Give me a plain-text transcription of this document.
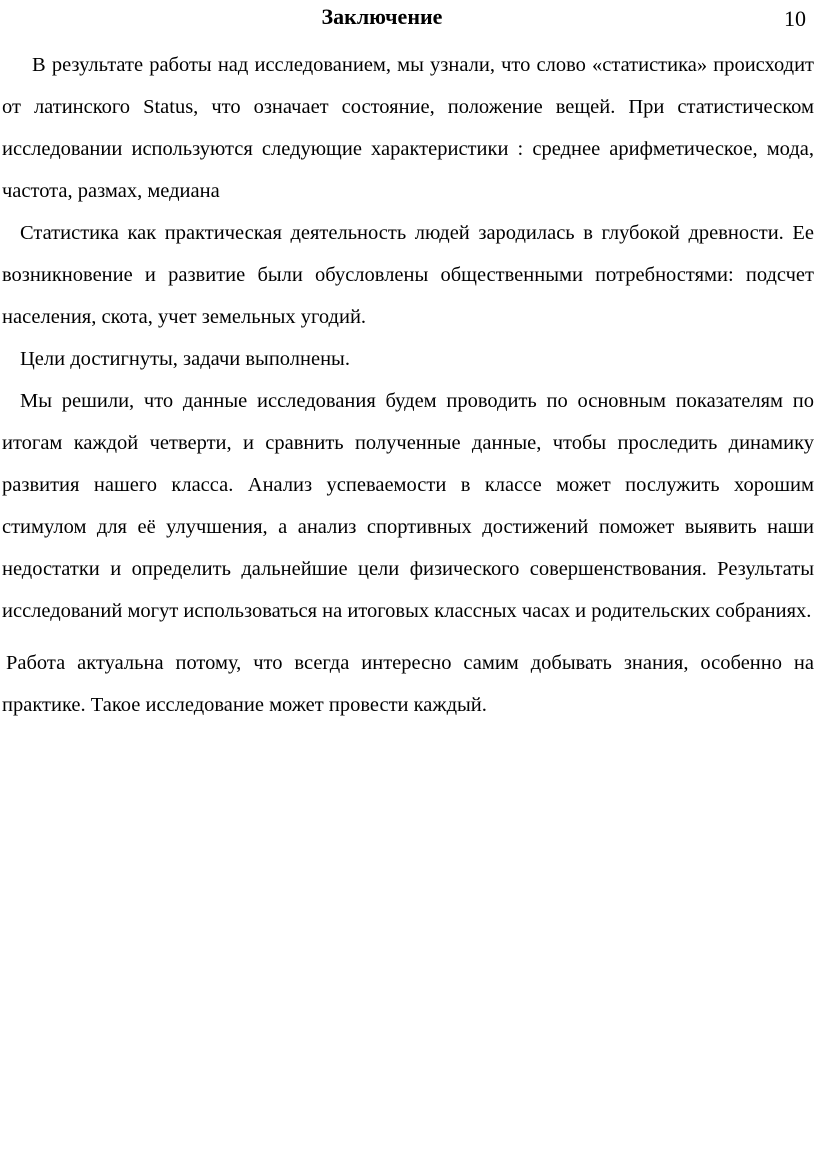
Заключение	10

В результате работы над исследованием, мы узнали, что слово «статистика» происходит от латинского Status, что означает состояние, положение вещей. При статистическом исследовании используются следующие характеристики : среднее арифметическое, мода, частота, размах, медиана

Статистика как практическая деятельность людей зародилась в глубокой древности. Ее возникновение и развитие были обусловлены общественными потребностями: подсчет населения, скота, учет земельных угодий.

Цели достигнуты, задачи выполнены.

Мы решили, что данные исследования будем проводить по основным показателям по итогам каждой четверти, и сравнить полученные данные, чтобы проследить динамику развития нашего класса. Анализ успеваемости в классе может послужить хорошим стимулом для её улучшения, а анализ спортивных достижений поможет выявить наши недостатки и определить дальнейшие цели физического совершенствования. Результаты исследований могут использоваться на итоговых классных часах и родительских собраниях.

Работа актуальна потому, что всегда интересно самим добывать знания, особенно на практике. Такое исследование может провести каждый.
